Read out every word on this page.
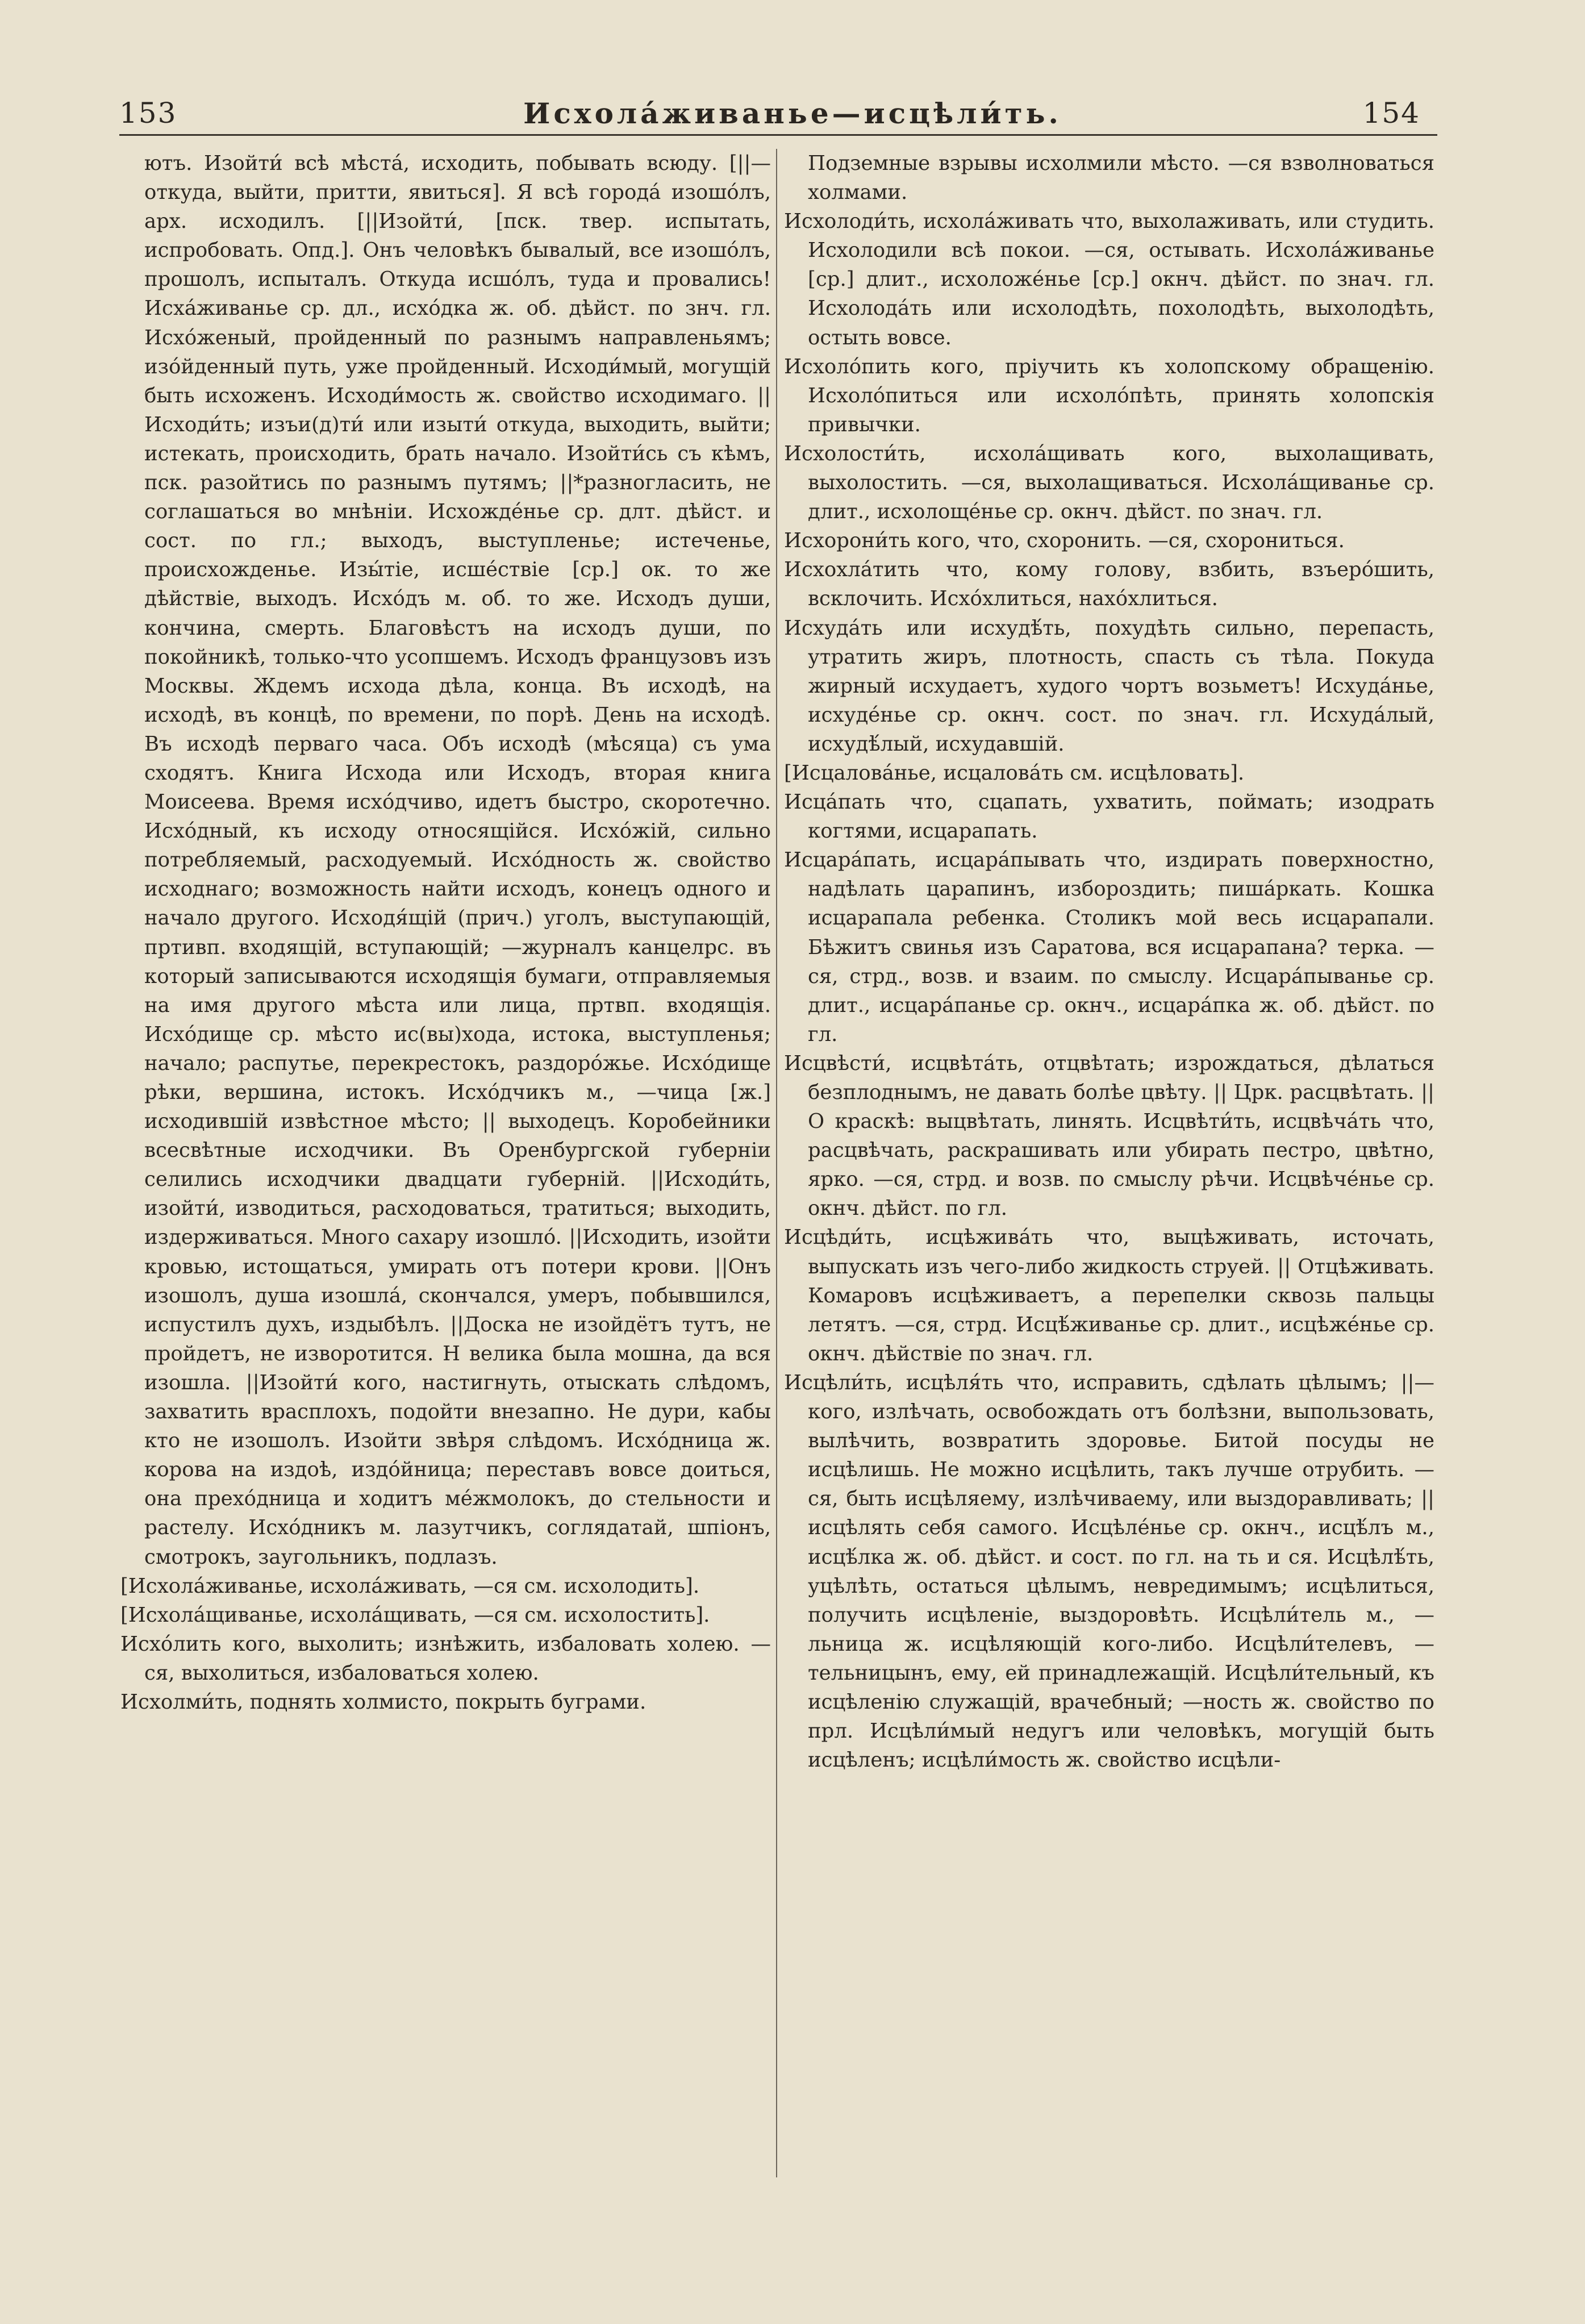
153	Исхола́живанье—исцѣли́ть.	154

ютъ. Изойти́ всѣ мѣста́, исходить, побывать всюду. [||—откуда, выйти, притти, явиться]. Я всѣ городá изошóлъ, арх. исходилъ. [||Изойти́, [пск. твер. испытать, испробовать. Опд.]. Онъ человѣкъ бывалый, все изошóлъ, прошолъ, испыталъ. Откуда исшóлъ, туда и провались! Исха́живанье ср. дл., исхóдка ж. об. дѣйст. по знч. гл. Исхóженый, пройденный по разнымъ направленьямъ; изóйденный путь, уже пройденный. Исходи́мый, могущій быть исхоженъ. Исходи́мость ж. свойство исходимаго. ||Исходи́ть; изъи(д)ти́ или изыти́ откуда, выходить, выйти; истекать, происходить, брать начало. Изойти́сь съ кѣмъ, пск. разойтись по разнымъ путямъ; ||*разногласить, не соглашаться во мнѣніи. Исхожде́нье ср. длт. дѣйст. и сост. по гл.; выходъ, выступленье; истеченье, происхожденье. Изы́тіе, исше́ствіе [ср.] ок. то же дѣйствіе, выходъ. Исхóдъ м. об. то же. Исходъ души, кончина, смерть. Благовѣстъ на исходъ души, по покойникѣ, только-что усопшемъ. Исходъ французовъ изъ Москвы. Ждемъ исхода дѣла, конца. Въ исходѣ, на исходѣ, въ концѣ, по времени, по порѣ. День на исходѣ. Въ исходѣ перваго часа. Объ исходѣ (мѣсяца) съ ума сходятъ. Книга Исхода или Исходъ, вторая книга Моисеева. Время исхóдчиво, идетъ быстро, скоротечно. Исхóдный, къ исходу относящійся. Исхóжій, сильно потребляемый, расходуемый. Исхóдность ж. свойство исходнаго; возможность найти исходъ, конецъ одного и начало другого. Исходя́щій (прич.) уголъ, выступающій, пртивп. входящій, вступающій; —журналъ канцелрс. въ который записываются исходящія бумаги, отправляемыя на имя другого мѣста или лица, пртвп. входящія. Исхóдище ср. мѣсто ис(вы)хода, истока, выступленья; начало; распутье, перекрестокъ, раздорóжье. Исхóдище рѣки, вершина, истокъ. Исхóдчикъ м., —чица [ж.] исходившій извѣстное мѣсто; || выходецъ. Коробейники всесвѣтные исходчики. Въ Оренбургской губерніи селились исходчики двадцати губерній. ||Исходи́ть, изойти́, изводиться, расходоваться, тратиться; выходить, издерживаться. Много сахару изошлó. ||Исходить, изойти кровью, истощаться, умирать отъ потери крови. ||Онъ изошолъ, душа изошла́, скончался, умеръ, побывшился, испустилъ духъ, издыбѣлъ. ||Доска не изойдётъ тутъ, не пройдетъ, не извоpотится. Н велика была мошна, да вся изошла. ||Изойти́ кого, настигнуть, отыскать слѣдомъ, захватить врасплохъ, подойти внезапно. Не дури, кабы кто не изошолъ. Изойти звѣря слѣдомъ. Исхóдница ж. корова на издоѣ, издóйница; переставъ вовсе доиться, она прехóдница и ходитъ мéжмолокъ, до стельности и растелу. Исхóдникъ м. лазутчикъ, соглядатай, шпіонъ, смотрокъ, заугольникъ, подлазъ.

[Исхола́живанье, исхола́живать, —ся см. исхолодить].

[Исхола́щиванье, исхола́щивать, —ся см. исхолостить].

Исхóлить кого, выхолить; изнѣжить, избаловать холею. —ся, выхолиться, избаловаться холею.

Исхолми́ть, поднять холмисто, покрыть буграми.

Подземные взрывы исхолмили мѣсто. —ся взволноваться холмами.

Исхолоди́ть, исхола́живать что, выхолаживать, или студить. Исхолодили всѣ покои. —ся, остывать. Исхола́живанье [ср.] длит., исхоложéнье [ср.] окнч. дѣйст. по знач. гл. Исхолодáть или исхолодѣть, похолодѣть, выхолодѣть, остыть вовсе.

Исхолóпить кого, пріучить къ холопскому обращенію. Исхолóпиться или исхолóпѣть, принять холопскія привычки.

Исхолости́ть, исхола́щивать кого, выхолащивать, выхолостить. —ся, выхолащиваться. Исхола́щиванье ср. длит., исхолощéнье ср. окнч. дѣйст. по знач. гл.

Исхорони́ть кого, что, схоронить. —ся, схорониться.

Исхохла́тить что, кому голову, взбить, взъерóшить, всклочить. Исхóхлиться, нахóхлиться.

Исхуда́ть или исхудѣ́ть, похудѣть сильно, перепасть, утратить жиръ, плотность, спасть съ тѣла. Покуда жирный исхудаетъ, худого чортъ возьметъ! Исхуда́нье, исхудéнье ср. окнч. сост. по знач. гл. Исхуда́лый, исхудѣ́лый, исхудавшій.

[Исцалова́нье, исцалова́ть см. исцѣловать].

Исца́пать что, сцапать, ухватить, поймать; изодрать когтями, исцарапать.

Исцара́пать, исцара́пывать что, издирать поверхностно, надѣлать царапинъ, избороздить; пишáркать. Кошка исцарапала ребенка. Столикъ мой весь исцарапали. Бѣжитъ свинья изъ Саратова, вся исцарапана? терка. —ся, стрд., возв. и взаим. по смыслу. Исцара́пыванье ср. длит., исцара́панье ср. окнч., исцара́пка ж. об. дѣйст. по гл.

Исцвѣсти́, исцвѣта́ть, отцвѣтать; изрождаться, дѣлаться безплоднымъ, не давать болѣе цвѣту. || Црк. расцвѣтать. ||О краскѣ: выцвѣтать, линять. Исцвѣти́ть, исцвѣча́ть что, расцвѣчать, раскрашивать или убирать пестро, цвѣтно, ярко. —ся, стрд. и возв. по смыслу рѣчи. Исцвѣчéнье ср. окнч. дѣйст. по гл.

Исцѣди́ть, исцѣжива́ть что, выцѣживать, источать, выпускать изъ чего-либо жидкость струей. || Отцѣживать. Комаровъ исцѣживаетъ, а перепелки сквозь пальцы летятъ. —ся, стрд. Исцѣ́живанье ср. длит., исцѣжéнье ср. окнч. дѣйствіе по знач. гл.

Исцѣли́ть, исцѣля́ть что, исправить, сдѣлать цѣлымъ; ||—кого, излѣчать, освобождать отъ болѣзни, выпользовать, вылѣчить, возвратить здоровье. Битой посуды не исцѣлишь. Не можно исцѣлить, такъ лучше отрубить. —ся, быть исцѣляему, излѣчиваему, или выздоравливать; || исцѣлять себя самого. Исцѣлéнье ср. окнч., исцѣ́лъ м., исцѣ́лка ж. об. дѣйст. и сост. по гл. на ть и ся. Исцѣлѣ́ть, уцѣлѣть, остаться цѣлымъ, невредимымъ; исцѣлиться, получить исцѣленіе, выздоровѣть. Исцѣли́тель м., —льница ж. исцѣляющій кого-либо. Исцѣли́телевъ, —тельницынъ, ему, ей принадлежащій. Исцѣли́тельный, къ исцѣленію служащій, врачебный; —ность ж. свойство по прл. Исцѣли́мый недугъ или человѣкъ, могущій быть исцѣленъ; исцѣли́мость ж. свойство исцѣли-
